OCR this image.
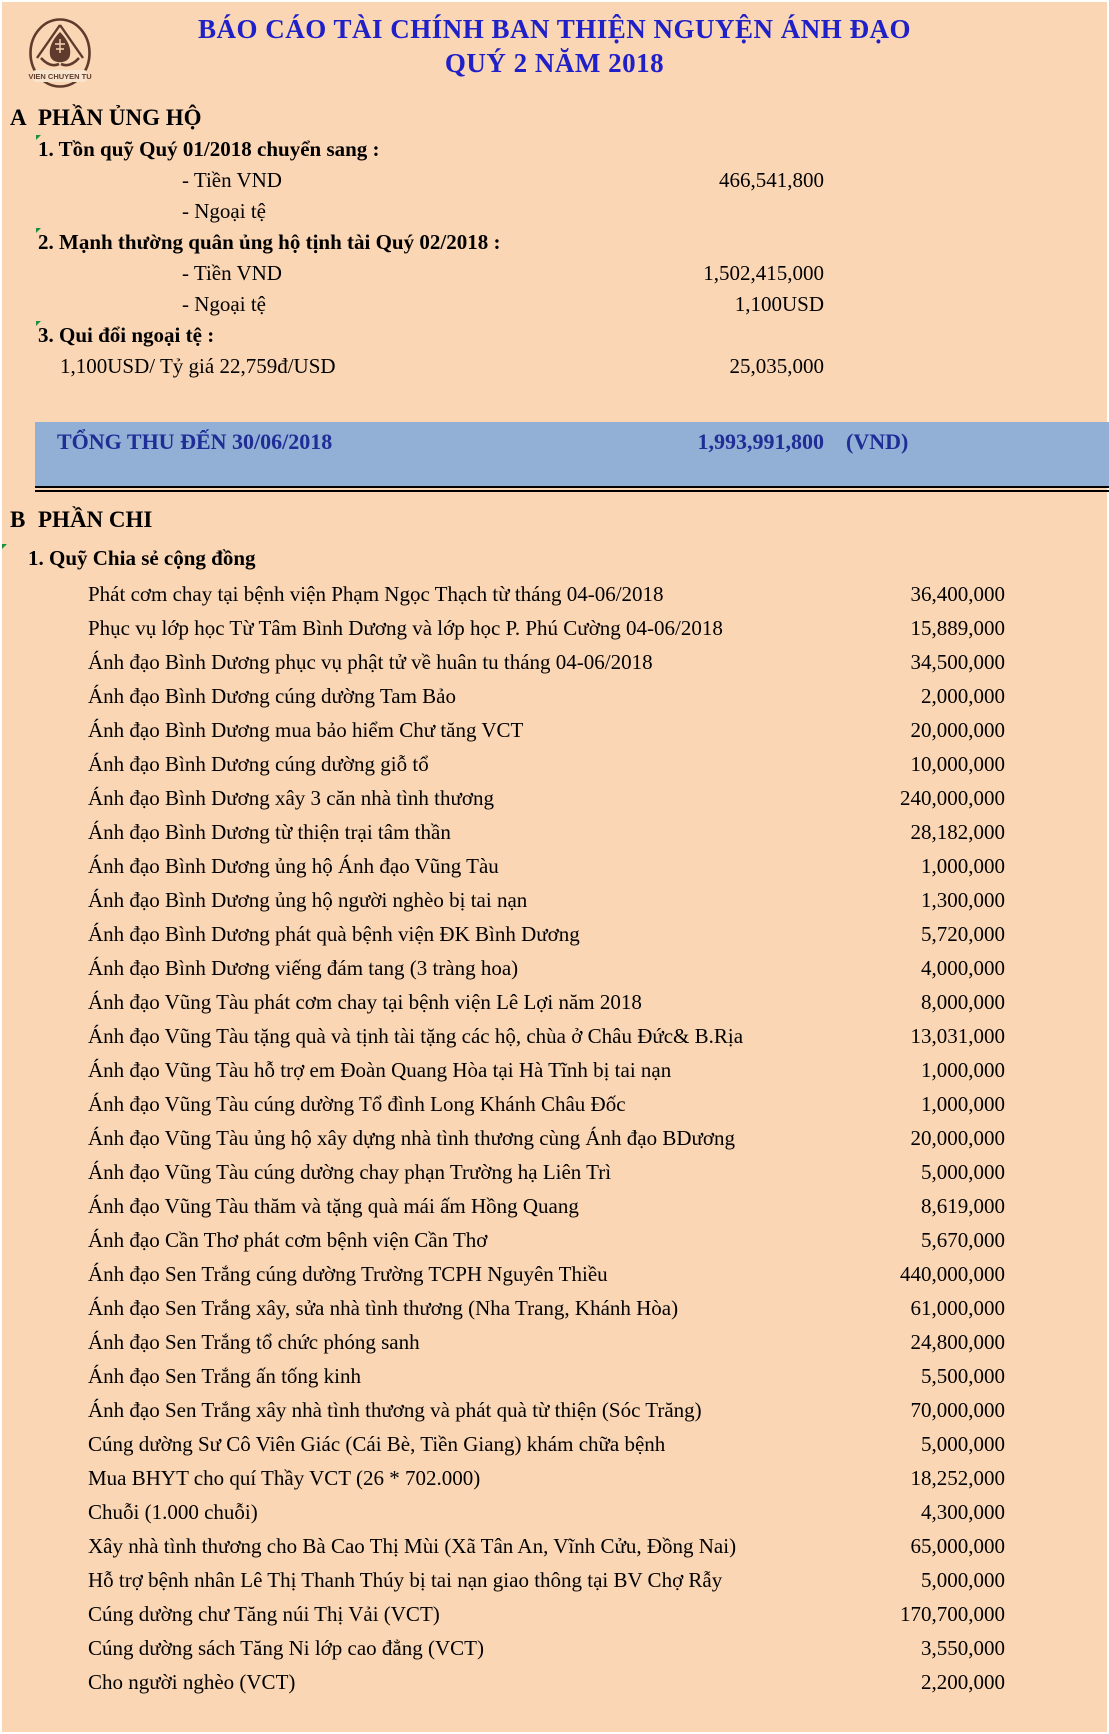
VIEN CHUYEN TU
BÁO CÁO TÀI CHÍNH BAN THIỆN NGUYỆN ÁNH ĐẠO
QUÝ 2 NĂM 2018
A PHẦN ỦNG HỘ
1. Tồn quỹ Quý 01/2018 chuyển sang :
- Tiền VND	466,541,800
- Ngoại tệ
2. Mạnh thường quân ủng hộ tịnh tài Quý 02/2018 :
- Tiền VND	1,502,415,000
- Ngoại tệ	1,100USD
3. Qui đổi ngoại tệ :
1,100USD/ Tỷ giá 22,759đ/USD	25,035,000
TỔNG THU ĐẾN 30/06/2018	1,993,991,800 (VND)
B PHẦN CHI
1. Quỹ Chia sẻ cộng đồng
Phát cơm chay tại bệnh viện Phạm Ngọc Thạch từ tháng 04-06/2018	36,400,000
Phục vụ lớp học Từ Tâm Bình Dương và lớp học P. Phú Cường 04-06/2018	15,889,000
Ánh đạo Bình Dương phục vụ phật tử về huân tu tháng 04-06/2018	34,500,000
Ánh đạo Bình Dương cúng dường Tam Bảo	2,000,000
Ánh đạo Bình Dương mua bảo hiểm Chư tăng VCT	20,000,000
Ánh đạo Bình Dương cúng dường giỗ tổ	10,000,000
Ánh đạo Bình Dương xây 3 căn nhà tình thương	240,000,000
Ánh đạo Bình Dương từ thiện trại tâm thần	28,182,000
Ánh đạo Bình Dương ủng hộ Ánh đạo Vũng Tàu	1,000,000
Ánh đạo Bình Dương ủng hộ người nghèo bị tai nạn	1,300,000
Ánh đạo Bình Dương phát quà bệnh viện ĐK Bình Dương	5,720,000
Ánh đạo Bình Dương viếng đám tang (3 tràng hoa)	4,000,000
Ánh đạo Vũng Tàu phát cơm chay tại bệnh viện Lê Lợi năm 2018	8,000,000
Ánh đạo Vũng Tàu tặng quà và tịnh tài tặng các hộ, chùa ở Châu Đức& B.Rịa	13,031,000
Ánh đạo Vũng Tàu hỗ trợ em Đoàn Quang Hòa tại Hà Tĩnh bị tai nạn	1,000,000
Ánh đạo Vũng Tàu cúng dường Tổ đình Long Khánh Châu Đốc	1,000,000
Ánh đạo Vũng Tàu ủng hộ xây dựng nhà tình thương cùng Ánh đạo BDương	20,000,000
Ánh đạo Vũng Tàu cúng dường chay phạn Trường hạ Liên Trì	5,000,000
Ánh đạo Vũng Tàu thăm và tặng quà mái ấm Hồng Quang	8,619,000
Ánh đạo Cần Thơ phát cơm bệnh viện Cần Thơ	5,670,000
Ánh đạo Sen Trắng cúng dường Trường TCPH Nguyên Thiều	440,000,000
Ánh đạo Sen Trắng xây, sửa nhà tình thương (Nha Trang, Khánh Hòa)	61,000,000
Ánh đạo Sen Trắng tổ chức phóng sanh	24,800,000
Ánh đạo Sen Trắng ấn tống kinh	5,500,000
Ánh đạo Sen Trắng xây nhà tình thương và phát quà từ thiện (Sóc Trăng)	70,000,000
Cúng dường Sư Cô Viên Giác (Cái Bè, Tiền Giang) khám chữa bệnh	5,000,000
Mua BHYT cho quí Thầy VCT (26 * 702.000)	18,252,000
Chuỗi (1.000 chuỗi)	4,300,000
Xây nhà tình thương cho Bà Cao Thị Mùi (Xã Tân An, Vĩnh Cửu, Đồng Nai)	65,000,000
Hỗ trợ bệnh nhân Lê Thị Thanh Thúy bị tai nạn giao thông tại BV Chợ Rẫy	5,000,000
Cúng dường chư Tăng núi Thị Vải (VCT)	170,700,000
Cúng dường sách Tăng Ni lớp cao đẳng (VCT)	3,550,000
Cho người nghèo (VCT)	2,200,000
